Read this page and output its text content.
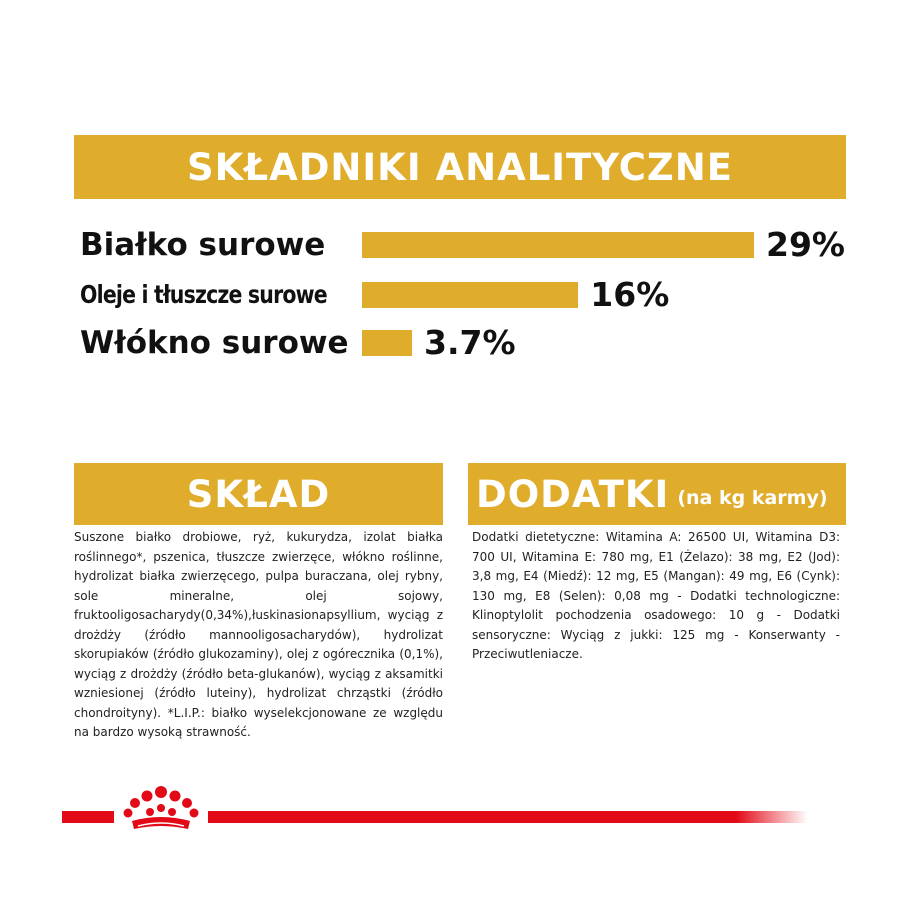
SKŁADNIKI ANALITYCZNE
Białko surowe	29%
Oleje i tłuszcze surowe	16%
Włókno surowe 3.7%
SKŁAD
Suszone białko drobiowe, ryż, kukurydza, izolat białka roślinnego*, pszenica, tłuszcze zwierzęce, włókno roślinne, hydrolizat białka zwierzęcego, pulpa buraczana, olej rybny, sole mineralne, olej sojowy, fruktooligosacharydy(0,34%),łuskinasionapsyllium, wyciąg z drożdży (źródło mannooligosacharydów), hydrolizat skorupiaków (źródło glukozaminy), olej z ogórecznika (0,1%), wyciąg z drożdży (źródło beta-glukanów), wyciąg z aksamitki wzniesionej (źródło luteiny), hydrolizat chrząstki (źródło chondroityny). *L.I.P.: białko wyselekcjonowane ze względu na bardzo wysoką strawność.
DODATKI (na kg karmy)
Dodatki dietetyczne: Witamina A: 26500 UI, Witamina D3: 700 UI, Witamina E: 780 mg, E1 (Żelazo): 38 mg, E2 (Jod): 3,8 mg, E4 (Miedź): 12 mg, E5 (Mangan): 49 mg, E6 (Cynk): 130 mg, E8 (Selen): 0,08 mg - Dodatki technologiczne: Klinoptylolit pochodzenia osadowego: 10 g - Dodatki sensoryczne: Wyciąg z jukki: 125 mg - Konserwanty - Przeciwutleniacze.
